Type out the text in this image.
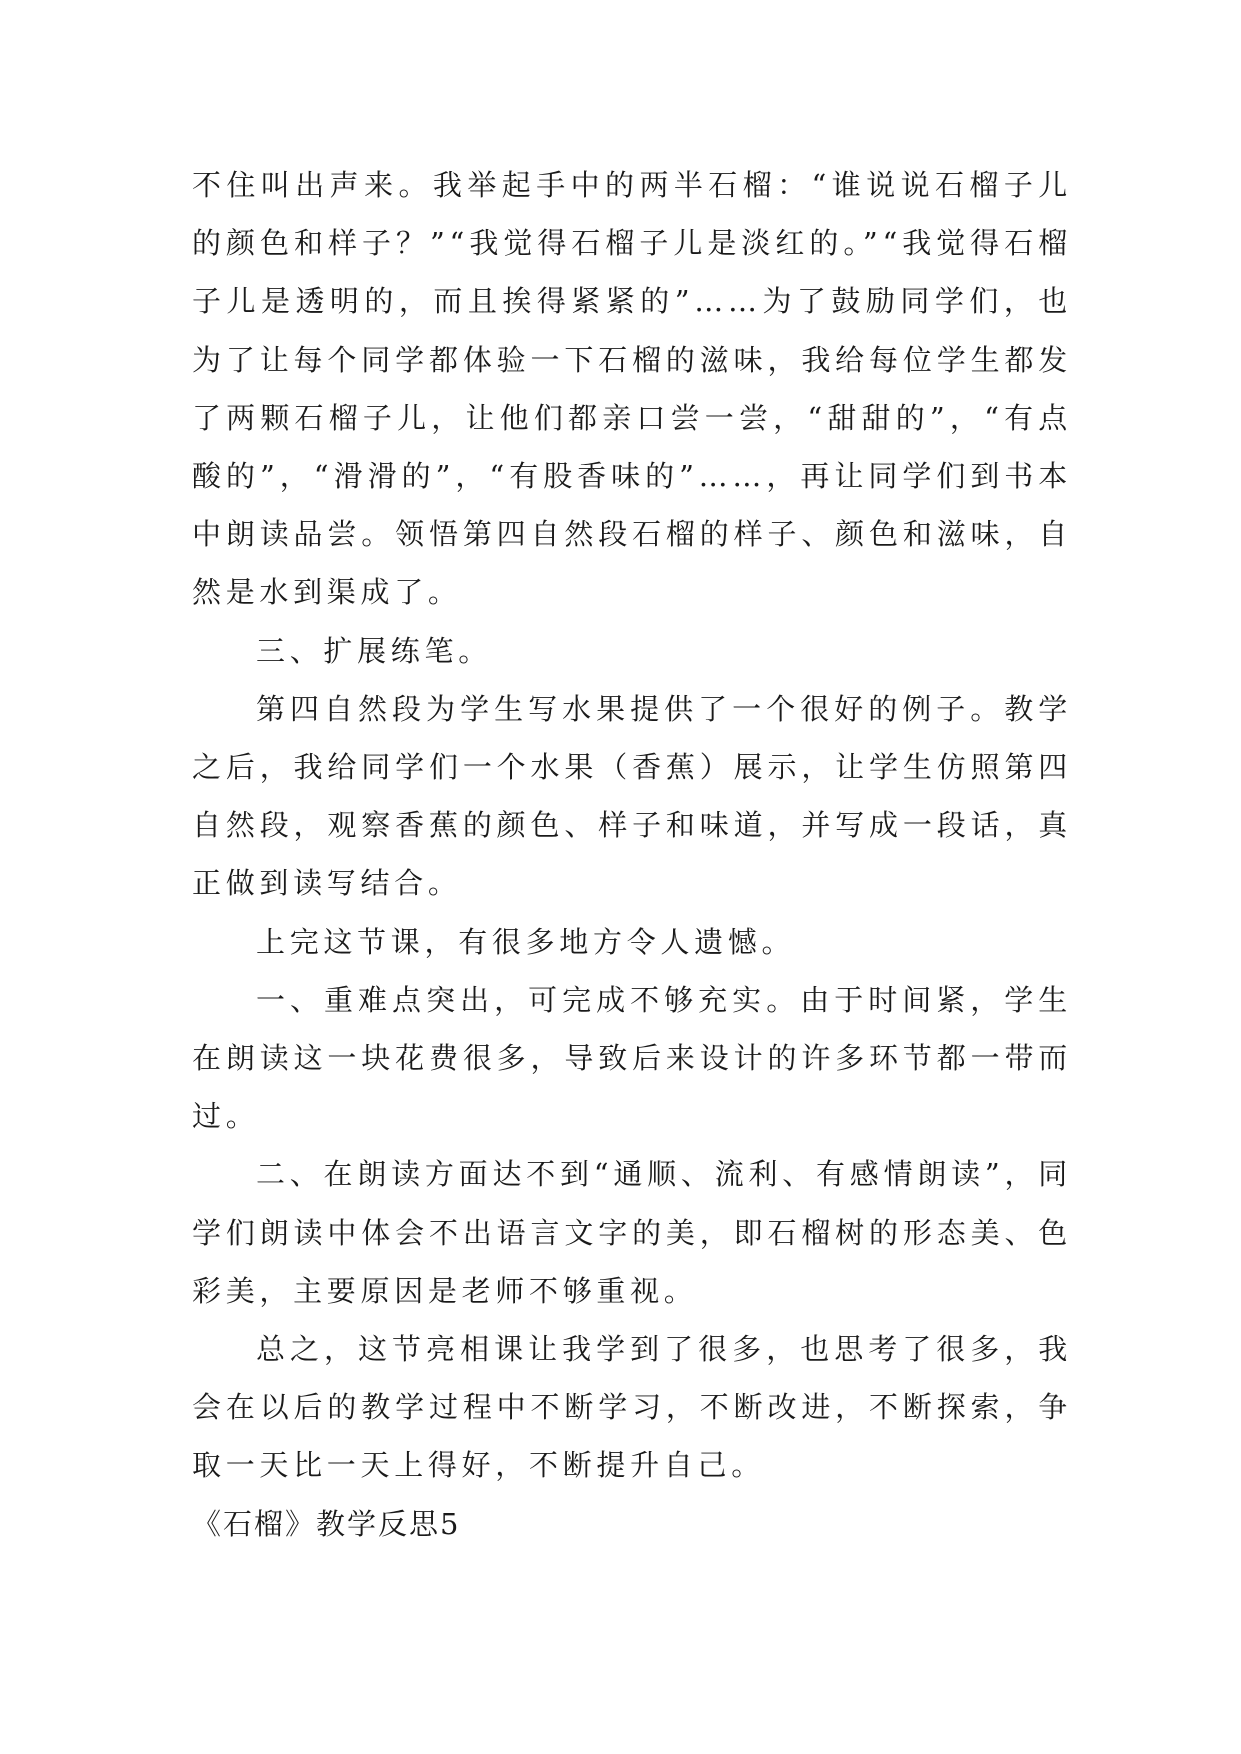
不住叫出声来。我举起手中的两半石榴：“谁说说石榴子儿的颜色和样子？”“我觉得石榴子儿是淡红的。”“我觉得石榴子儿是透明的，而且挨得紧紧的”……为了鼓励同学们，也为了让每个同学都体验一下石榴的滋味，我给每位学生都发了两颗石榴子儿，让他们都亲口尝一尝，“甜甜的”，“有点酸的”，“滑滑的”，“有股香味的”……，再让同学们到书本中朗读品尝。领悟第四自然段石榴的样子、颜色和滋味，自然是水到渠成了。

三、扩展练笔。

第四自然段为学生写水果提供了一个很好的例子。教学之后，我给同学们一个水果（香蕉）展示，让学生仿照第四自然段，观察香蕉的颜色、样子和味道，并写成一段话，真正做到读写结合。

上完这节课，有很多地方令人遗憾。

一、重难点突出，可完成不够充实。由于时间紧，学生在朗读这一块花费很多，导致后来设计的许多环节都一带而过。

二、在朗读方面达不到“通顺、流利、有感情朗读”，同学们朗读中体会不出语言文字的美，即石榴树的形态美、色彩美，主要原因是老师不够重视。

总之，这节亮相课让我学到了很多，也思考了很多，我会在以后的教学过程中不断学习，不断改进，不断探索，争取一天比一天上得好，不断提升自己。

《石榴》教学反思5
